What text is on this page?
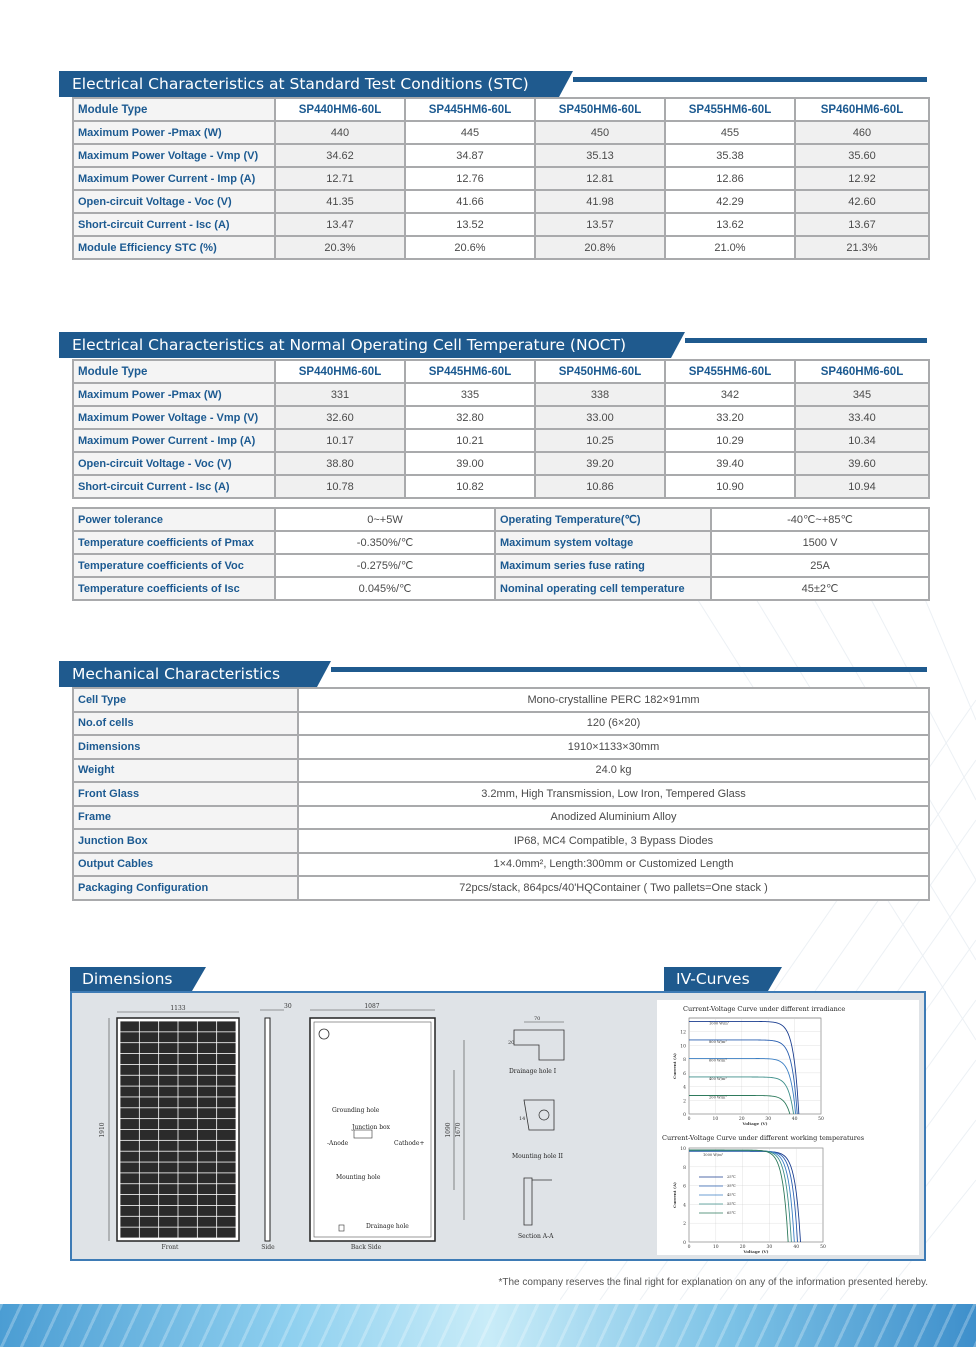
Electrical Characteristics at Standard Test Conditions (STC)
Module Type	SP440HM6-60L	SP445HM6-60L	SP450HM6-60L	SP455HM6-60L	SP460HM6-60L
Maximum Power -Pmax (W)	440	445	450	455	460
Maximum Power Voltage - Vmp (V)	34.62	34.87	35.13	35.38	35.60
Maximum Power Current - Imp (A)	12.71	12.76	12.81	12.86	12.92
Open-circuit Voltage - Voc (V)	41.35	41.66	41.98	42.29	42.60
Short-circuit Current - Isc (A)	13.47	13.52	13.57	13.62	13.67
Module Efficiency STC (%)	20.3%	20.6%	20.8%	21.0%	21.3%
Electrical Characteristics at Normal Operating Cell Temperature (NOCT)
Module Type	SP440HM6-60L	SP445HM6-60L	SP450HM6-60L	SP455HM6-60L	SP460HM6-60L
Maximum Power -Pmax (W)	331	335	338	342	345
Maximum Power Voltage - Vmp (V)	32.60	32.80	33.00	33.20	33.40
Maximum Power Current - Imp (A)	10.17	10.21	10.25	10.29	10.34
Open-circuit Voltage - Voc (V)	38.80	39.00	39.20	39.40	39.60
Short-circuit Current - Isc (A)	10.78	10.82	10.86	10.90	10.94
Power tolerance	0~+5W	Operating Temperature(℃)	-40℃~+85℃
Temperature coefficients of Pmax	-0.350%/℃	Maximum system voltage	1500 V
Temperature coefficients of Voc	-0.275%/℃	Maximum series fuse rating	25A
Temperature coefficients of Isc	0.045%/℃	Nominal operating cell temperature	45±2℃
Mechanical Characteristics
Cell Type	Mono-crystalline PERC 182×91mm
No.of cells	120 (6×20)
Dimensions	1910×1133×30mm
Weight	24.0 kg
Front Glass	3.2mm, High Transmission, Low Iron, Tempered Glass
Frame	Anodized Aluminium Alloy
Junction Box	IP68, MC4 Compatible, 3 Bypass Diodes
Output Cables	1×4.0mm², Length:300mm or Customized Length
Packaging Configuration	72pcs/stack, 864pcs/40'HQContainer ( Two pallets=One stack )
Dimensions	IV-Curves
1133
1910
Front
30
Side
1087
1090 1670
Grounding hole
Junction box
-Anode	Cathode+
Mounting hole
Drainage hole
Back Side
70
20
Drainage hole I
14
Mounting hole II
Section A-A
Current-Voltage Curve under different irradiance
Current-Voltage Curve under different working temperatures
0
2
4
6
8
10
12
0	10	20	30	40	50
Voltage (V)
Current (A)
1000 W/m²
800 W/m²
600 W/m²
400 W/m²
200 W/m²
0
2
4
6
8
10
0	10	20	30	40	50
Voltage (V)
Current (A)
1000 W/m²
25℃
35℃
45℃
55℃
65℃
*The company reserves the final right for explanation on any of the information presented hereby.
